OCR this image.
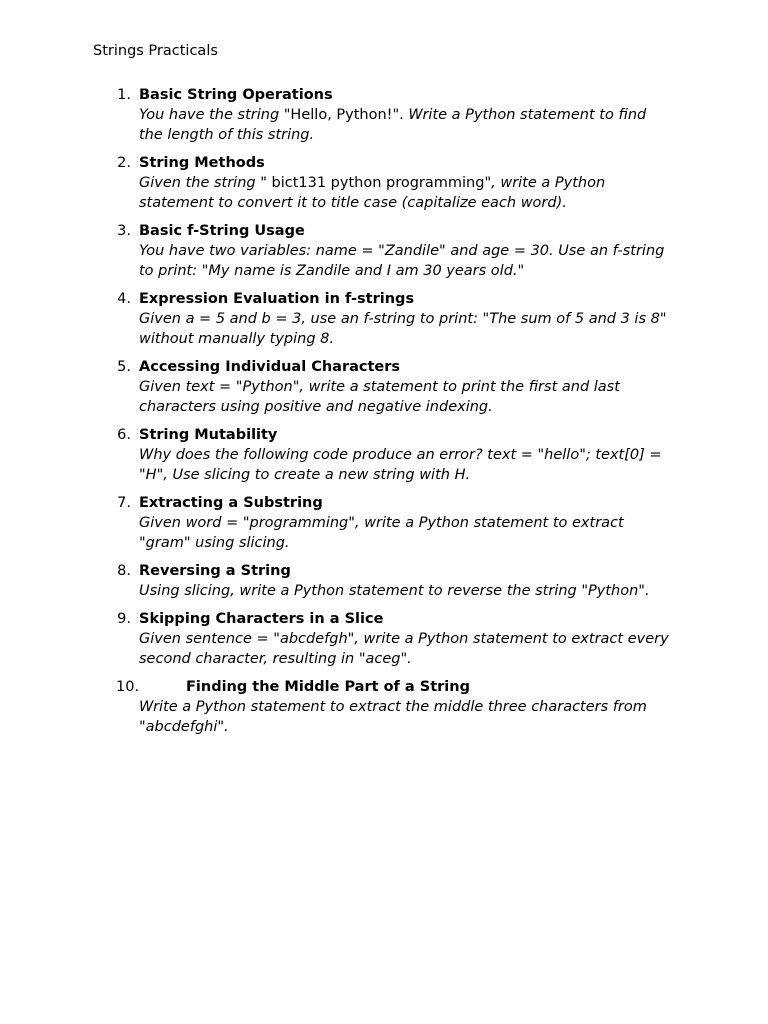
Strings Practicals
1. Basic String Operations
You have the string "Hello, Python!". Write a Python statement to find the length of this string.
2. String Methods
Given the string " bict131 python programming", write a Python statement to convert it to title case (capitalize each word).
3. Basic f-String Usage
You have two variables: name = "Zandile" and age = 30. Use an f-string to print: "My name is Zandile and I am 30 years old."
4. Expression Evaluation in f-strings
Given a = 5 and b = 3, use an f-string to print: "The sum of 5 and 3 is 8" without manually typing 8.
5. Accessing Individual Characters
Given text = "Python", write a statement to print the first and last characters using positive and negative indexing.
6. String Mutability
Why does the following code produce an error? text = "hello"; text[0] = "H", Use slicing to create a new string with H.
7. Extracting a Substring
Given word = "programming", write a Python statement to extract "gram" using slicing.
8. Reversing a String
Using slicing, write a Python statement to reverse the string "Python".
9. Skipping Characters in a Slice
Given sentence = "abcdefgh", write a Python statement to extract every second character, resulting in "aceg".
10.	Finding the Middle Part of a String
Write a Python statement to extract the middle three characters from "abcdefghi".
